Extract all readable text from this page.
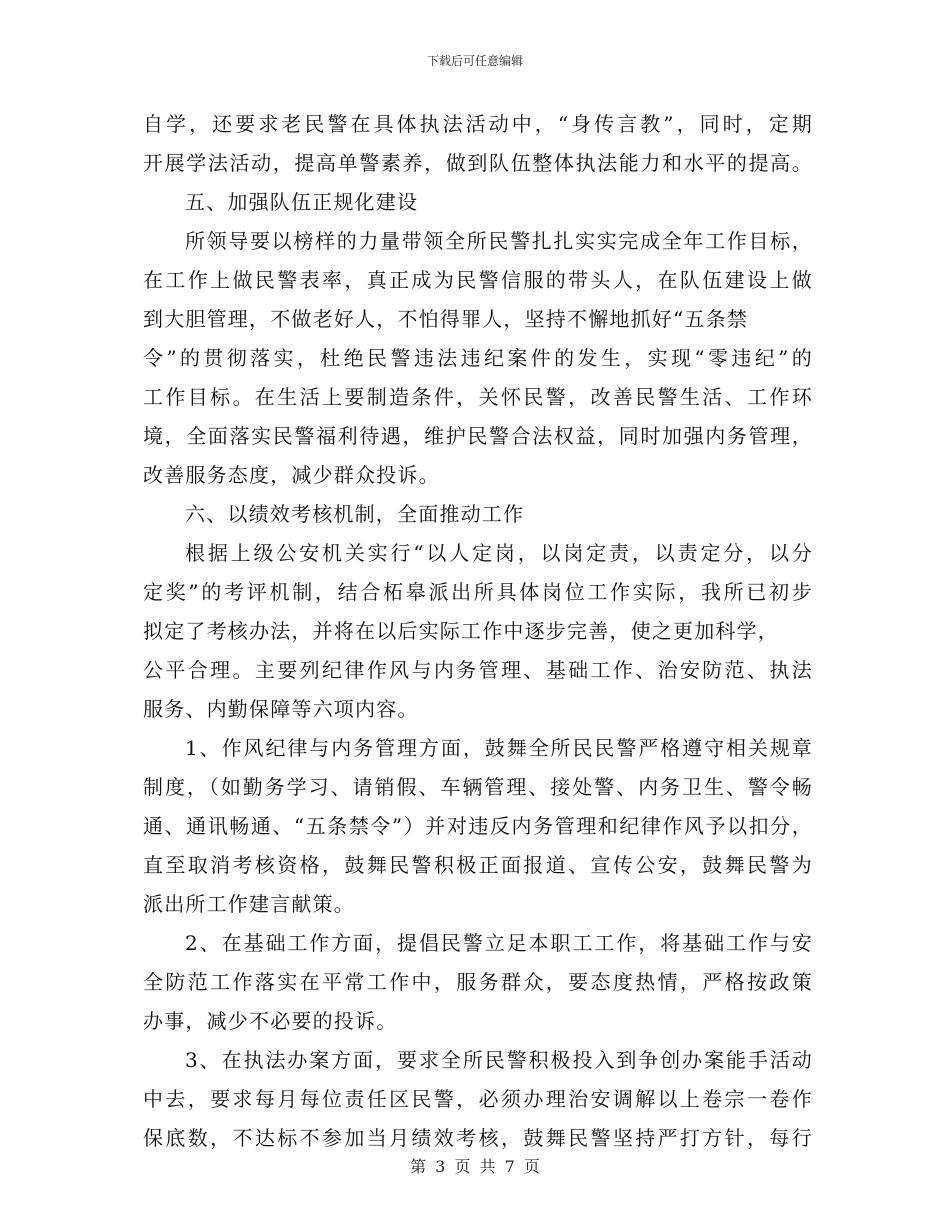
下载后可任意编辑
自学，还要求老民警在具体执法活动中，“身传言教”，同时，定期
开展学法活动，提高单警素养，做到队伍整体执法能力和水平的提高。
五、加强队伍正规化建设
所领导要以榜样的力量带领全所民警扎扎实实完成全年工作目标，
在工作上做民警表率，真正成为民警信服的带头人，在队伍建设上做
到大胆管理，不做老好人，不怕得罪人，坚持不懈地抓好“五条禁
令”的贯彻落实，杜绝民警违法违纪案件的发生，实现“零违纪”的
工作目标。在生活上要制造条件，关怀民警，改善民警生活、工作环
境，全面落实民警福利待遇，维护民警合法权益，同时加强内务管理，
改善服务态度，减少群众投诉。
六、以绩效考核机制，全面推动工作
根据上级公安机关实行“以人定岗，以岗定责，以责定分，以分
定奖”的考评机制，结合柘皋派出所具体岗位工作实际，我所已初步
拟定了考核办法，并将在以后实际工作中逐步完善，使之更加科学，
公平合理。主要列纪律作风与内务管理、基础工作、治安防范、执法
服务、内勤保障等六项内容。
1、作风纪律与内务管理方面，鼓舞全所民民警严格遵守相关规章
制度，（如勤务学习、请销假、车辆管理、接处警、内务卫生、警令畅
通、通讯畅通、“五条禁令”）并对违反内务管理和纪律作风予以扣分，
直至取消考核资格，鼓舞民警积极正面报道、宣传公安，鼓舞民警为
派出所工作建言献策。
2、在基础工作方面，提倡民警立足本职工工作，将基础工作与安
全防范工作落实在平常工作中，服务群众，要态度热情，严格按政策
办事，减少不必要的投诉。
3、在执法办案方面，要求全所民警积极投入到争创办案能手活动
中去，要求每月每位责任区民警，必须办理治安调解以上卷宗一卷作
保底数，不达标不参加当月绩效考核，鼓舞民警坚持严打方针，每行
第 3 页 共 7 页
